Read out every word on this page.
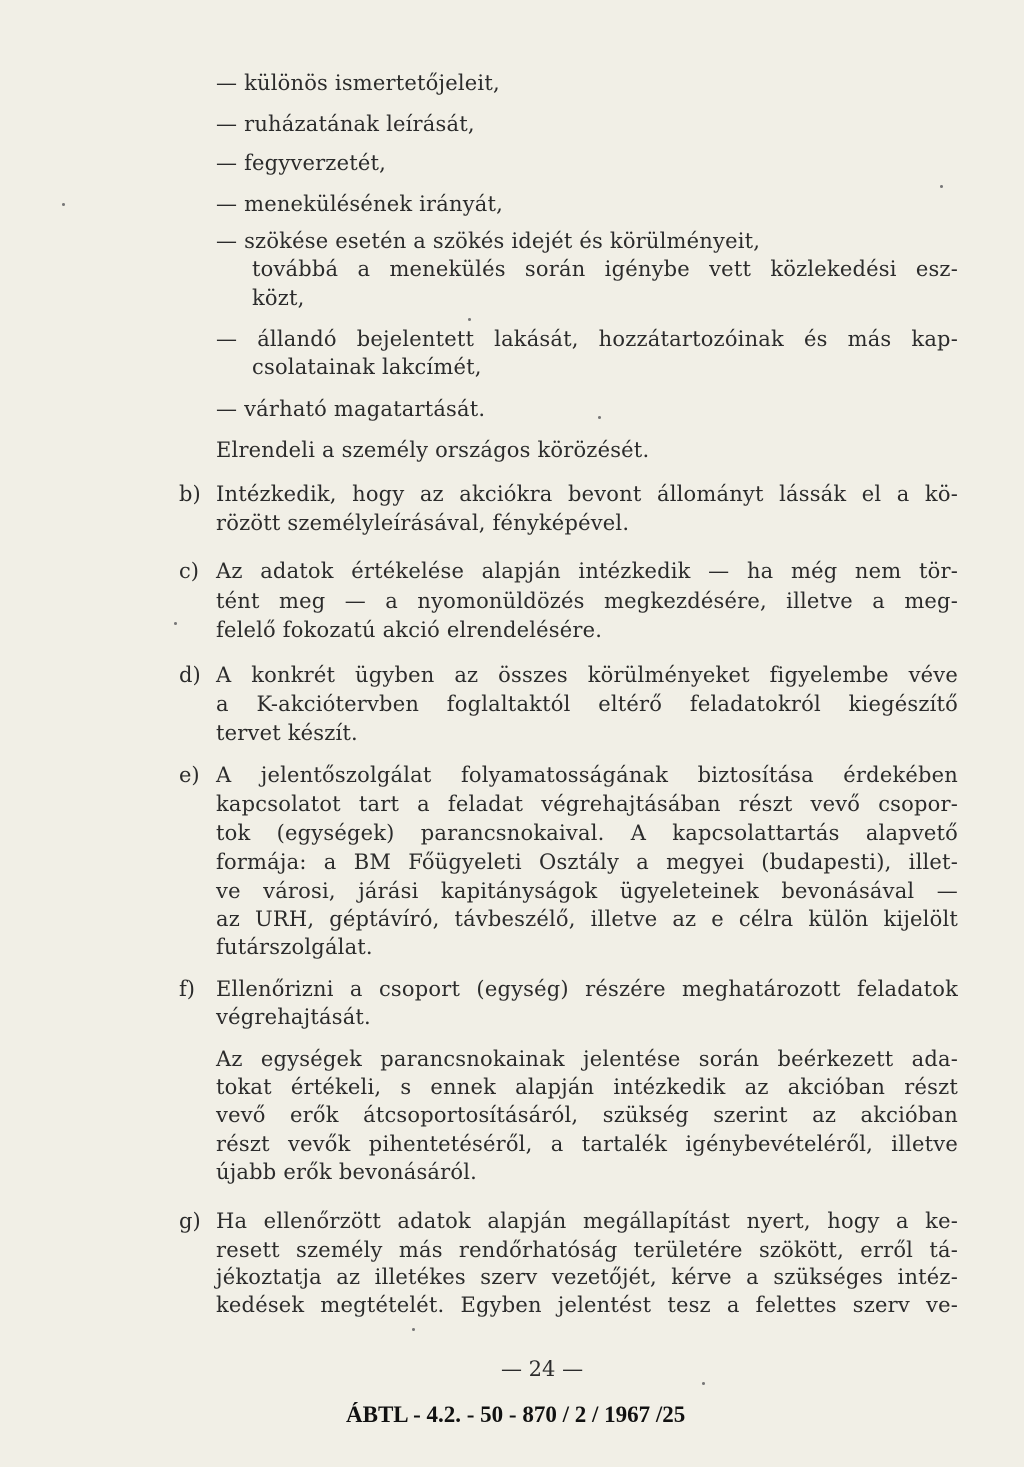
— különös ismertetőjeleit,
— ruházatának leírását,
— fegyverzetét,
— menekülésének irányát,
— szökése esetén a szökés idejét és körülményeit,
továbbá a menekülés során igénybe vett közlekedési esz-
közt,
— állandó bejelentett lakását, hozzátartozóinak és más kap-
csolatainak lakcímét,
— várható magatartását.
Elrendeli a személy országos körözését.
b) Intézkedik, hogy az akciókra bevont állományt lássák el a kö-
rözött személyleírásával, fényképével.
c) Az adatok értékelése alapján intézkedik — ha még nem tör-
tént meg — a nyomonüldözés megkezdésére, illetve a meg-
felelő fokozatú akció elrendelésére.
d) A konkrét ügyben az összes körülményeket figyelembe véve
a K-akciótervben foglaltaktól eltérő feladatokról kiegészítő
tervet készít.
e) A jelentőszolgálat folyamatosságának biztosítása érdekében
kapcsolatot tart a feladat végrehajtásában részt vevő csopor-
tok (egységek) parancsnokaival. A kapcsolattartás alapvető
formája: a BM Főügyeleti Osztály a megyei (budapesti), illet-
ve városi, járási kapitányságok ügyeleteinek bevonásával —
az URH, géptávíró, távbeszélő, illetve az e célra külön kijelölt
futárszolgálat.
f) Ellenőrizni a csoport (egység) részére meghatározott feladatok
végrehajtását.
Az egységek parancsnokainak jelentése során beérkezett ada-
tokat értékeli, s ennek alapján intézkedik az akcióban részt
vevő erők átcsoportosításáról, szükség szerint az akcióban
részt vevők pihentetéséről, a tartalék igénybevételéről, illetve
újabb erők bevonásáról.
g) Ha ellenőrzött adatok alapján megállapítást nyert, hogy a ke-
resett személy más rendőrhatóság területére szökött, erről tá-
jékoztatja az illetékes szerv vezetőjét, kérve a szükséges intéz-
kedések megtételét. Egyben jelentést tesz a felettes szerv ve-
— 24 —
ÁBTL - 4.2. - 50 - 870 / 2 / 1967 /25
